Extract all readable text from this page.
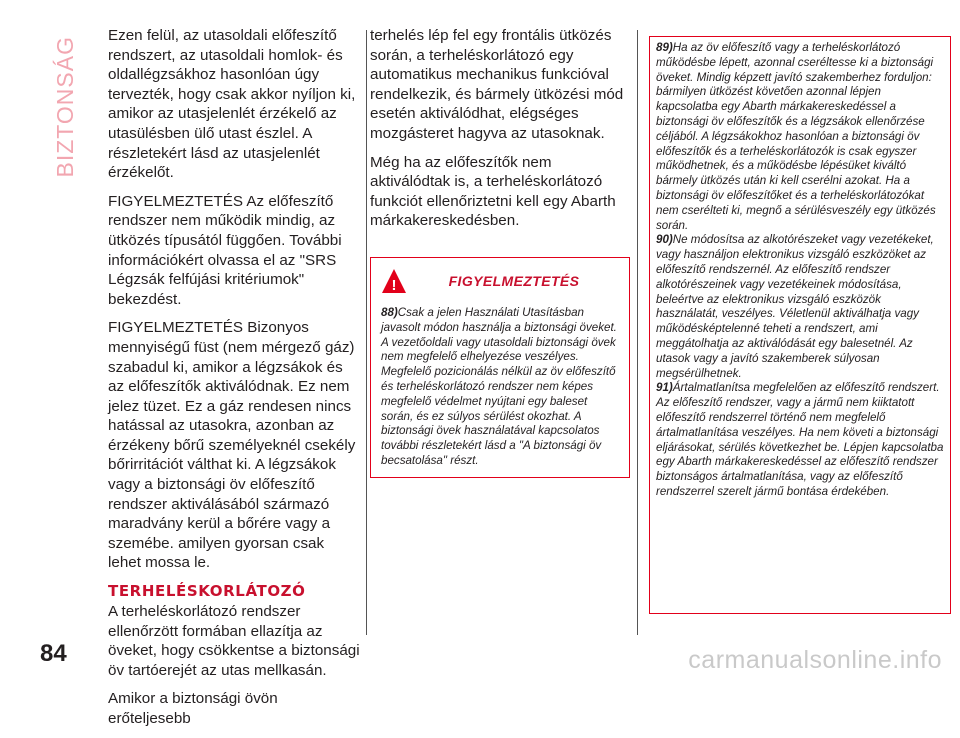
BIZTONSÁG

Ezen felül, az utasoldali előfeszítő rendszert, az utasoldali homlok- és oldallégzsákhoz hasonlóan úgy tervezték, hogy csak akkor nyíljon ki, amikor az utasjelenlét érzékelő az utasülésben ülő utast észlel. A részletekért lásd az utasjelenlét érzékelőt.

FIGYELMEZTETÉS Az előfeszítő rendszer nem működik mindig, az ütközés típusától függően. További információkért olvassa el az "SRS Légzsák felfújási kritériumok" bekezdést.

FIGYELMEZTETÉS Bizonyos mennyiségű füst (nem mérgező gáz) szabadul ki, amikor a légzsákok és az előfeszítők aktiválódnak. Ez nem jelez tüzet. Ez a gáz rendesen nincs hatással az utasokra, azonban az érzékeny bőrű személyeknél csekély bőrirritációt válthat ki. A légzsákok vagy a biztonsági öv előfeszítő rendszer aktiválásából származó maradvány kerül a bőrére vagy a szemébe. amilyen gyorsan csak lehet mossa le.

TERHELÉSKORLÁTOZÓ

A terheléskorlátozó rendszer ellenőrzött formában ellazítja az öveket, hogy csökkentse a biztonsági öv tartóerejét az utas mellkasán.

Amikor a biztonsági övön erőteljesebb

terhelés lép fel egy frontális ütközés során, a terheléskorlátozó egy automatikus mechanikus funkcióval rendelkezik, és bármely ütközési mód esetén aktiválódhat, elégséges mozgásteret hagyva az utasoknak.

Még ha az előfeszítők nem aktiválódtak is, a terheléskorlátozó funkciót ellenőriztetni kell egy Abarth márkakereskedésben.

!	FIGYELMEZTETÉS

88)Csak a jelen Használati Utasításban javasolt módon használja a biztonsági öveket. A vezetőoldali vagy utasoldali biztonsági övek nem megfelelő elhelyezése veszélyes. Megfelelő pozicionálás nélkül az öv előfeszítő és terheléskorlátozó rendszer nem képes megfelelő védelmet nyújtani egy baleset során, és ez súlyos sérülést okozhat. A biztonsági övek használatával kapcsolatos további részletekért lásd a "A biztonsági öv becsatolása" részt.

89)Ha az öv előfeszítő vagy a terheléskorlátozó működésbe lépett, azonnal cseréltesse ki a biztonsági öveket. Mindig képzett javító szakemberhez forduljon: bármilyen ütközést követően azonnal lépjen kapcsolatba egy Abarth márkakereskedéssel a biztonsági öv előfeszítők és a légzsákok ellenőrzése céljából. A légzsákokhoz hasonlóan a biztonsági öv előfeszítők és a terheléskorlátozók is csak egyszer működhetnek, és a működésbe lépésüket kiváltó bármely ütközés után ki kell cserélni azokat. Ha a biztonsági öv előfeszítőket és a terheléskorlátozókat nem cserélteti ki, megnő a sérülésveszély egy ütközés során.

90)Ne módosítsa az alkotórészeket vagy vezetékeket, vagy használjon elektronikus vizsgáló eszközöket az előfeszítő rendszernél. Az előfeszítő rendszer alkotórészeinek vagy vezetékeinek módosítása, beleértve az elektronikus vizsgáló eszközök használatát, veszélyes. Véletlenül aktiválhatja vagy működésképtelenné teheti a rendszert, ami meggátolhatja az aktiválódását egy balesetnél. Az utasok vagy a javító szakemberek súlyosan megsérülhetnek.

91)Ártalmatlanítsa megfelelően az előfeszítő rendszert. Az előfeszítő rendszer, vagy a jármű nem kiiktatott előfeszítő rendszerrel történő nem megfelelő ártalmatlanítása veszélyes. Ha nem követi a biztonsági eljárásokat, sérülés következhet be. Lépjen kapcsolatba egy Abarth márkakereskedéssel az előfeszítő rendszer biztonságos ártalmatlanítása, vagy az előfeszítő rendszerrel szerelt jármű bontása érdekében.

84	carmanualsonline.info
